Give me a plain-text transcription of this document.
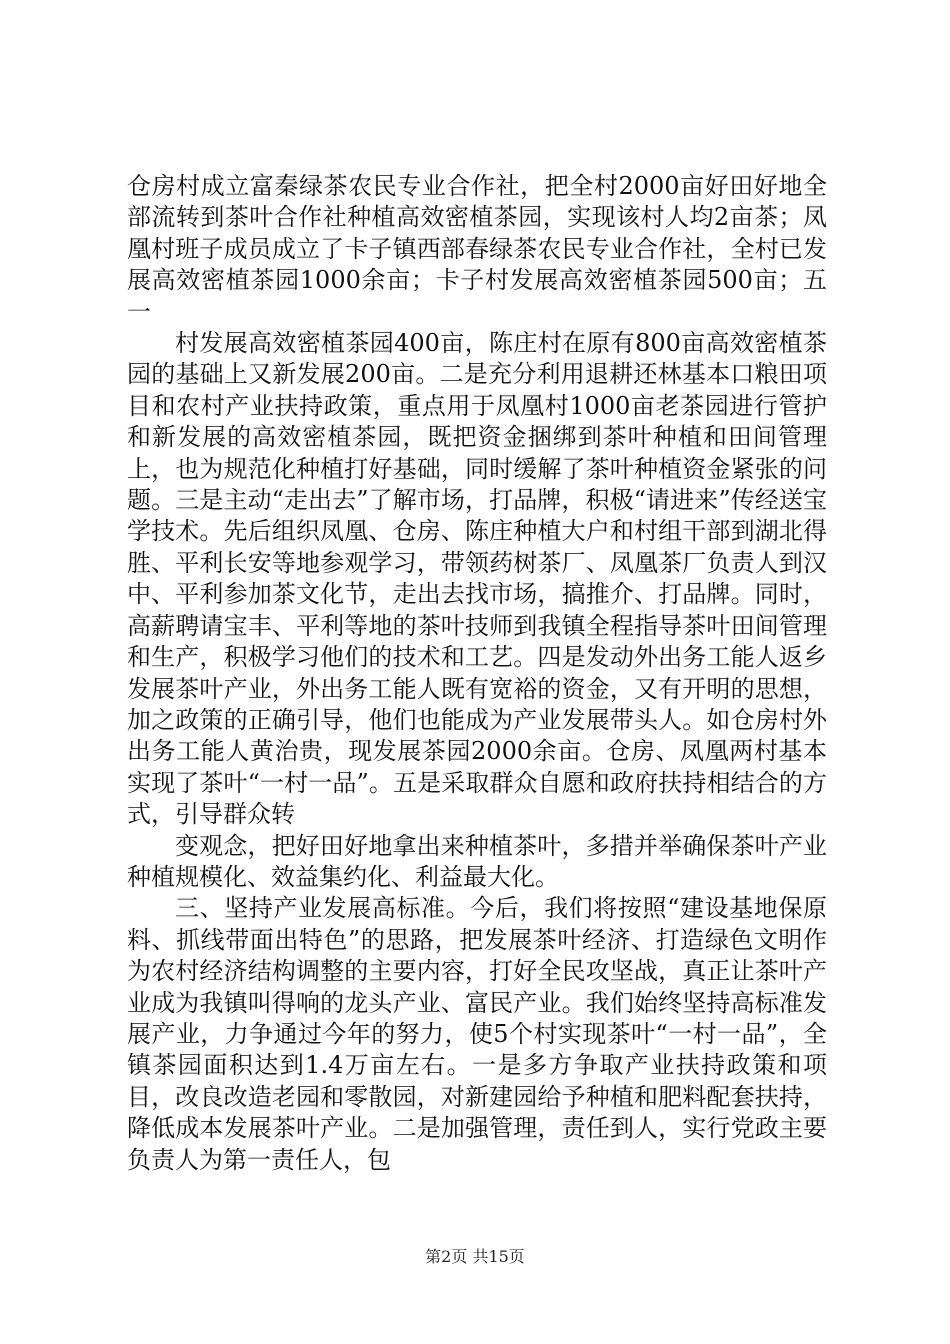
仓房村成立富秦绿茶农民专业合作社，把全村2000亩好田好地全部流转到茶叶合作社种植高效密植茶园，实现该村人均2亩茶；凤凰村班子成员成立了卡子镇西部春绿茶农民专业合作社，全村已发展高效密植茶园1000余亩；卡子村发展高效密植茶园500亩；五一

村发展高效密植茶园400亩，陈庄村在原有800亩高效密植茶园的基础上又新发展200亩。二是充分利用退耕还林基本口粮田项目和农村产业扶持政策，重点用于凤凰村1000亩老茶园进行管护和新发展的高效密植茶园，既把资金捆绑到茶叶种植和田间管理上，也为规范化种植打好基础，同时缓解了茶叶种植资金紧张的问题。三是主动“走出去”了解市场，打品牌，积极“请进来”传经送宝学技术。先后组织凤凰、仓房、陈庄种植大户和村组干部到湖北得胜、平利长安等地参观学习，带领药树茶厂、凤凰茶厂负责人到汉中、平利参加茶文化节，走出去找市场，搞推介、打品牌。同时，高薪聘请宝丰、平利等地的茶叶技师到我镇全程指导茶叶田间管理和生产，积极学习他们的技术和工艺。四是发动外出务工能人返乡发展茶叶产业，外出务工能人既有宽裕的资金，又有开明的思想，加之政策的正确引导，他们也能成为产业发展带头人。如仓房村外出务工能人黄治贵，现发展茶园2000余亩。仓房、凤凰两村基本实现了茶叶“一村一品”。五是采取群众自愿和政府扶持相结合的方式，引导群众转

变观念，把好田好地拿出来种植茶叶，多措并举确保茶叶产业种植规模化、效益集约化、利益最大化。

三、坚持产业发展高标准。今后，我们将按照“建设基地保原料、抓线带面出特色”的思路，把发展茶叶经济、打造绿色文明作为农村经济结构调整的主要内容，打好全民攻坚战，真正让茶叶产业成为我镇叫得响的龙头产业、富民产业。我们始终坚持高标准发展产业，力争通过今年的努力，使5个村实现茶叶“一村一品”，全镇茶园面积达到1.4万亩左右。一是多方争取产业扶持政策和项目，改良改造老园和零散园，对新建园给予种植和肥料配套扶持，降低成本发展茶叶产业。二是加强管理，责任到人，实行党政主要负责人为第一责任人，包

第2页 共15页
